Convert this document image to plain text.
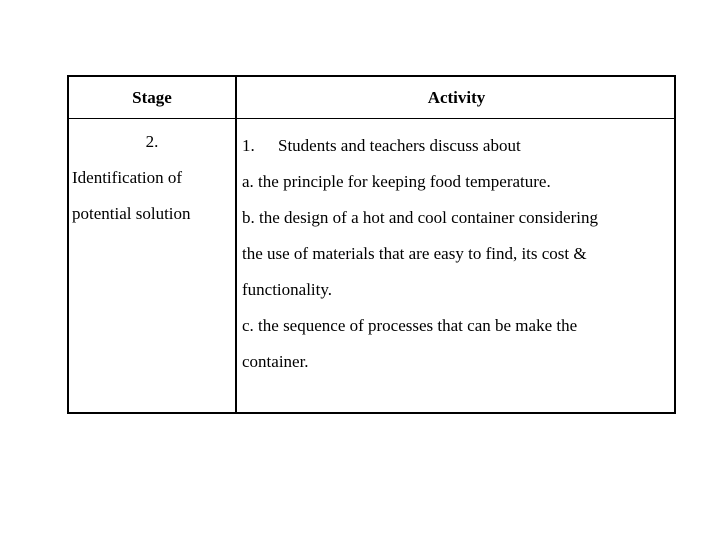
Stage	Activity
2.
Identification of
potential solution
1. Students and teachers discuss about
a. the principle for keeping food temperature.
b. the design of a hot and cool container considering
the use of materials that are easy to find, its cost &
functionality.
c. the sequence of processes that can be make the
container.
